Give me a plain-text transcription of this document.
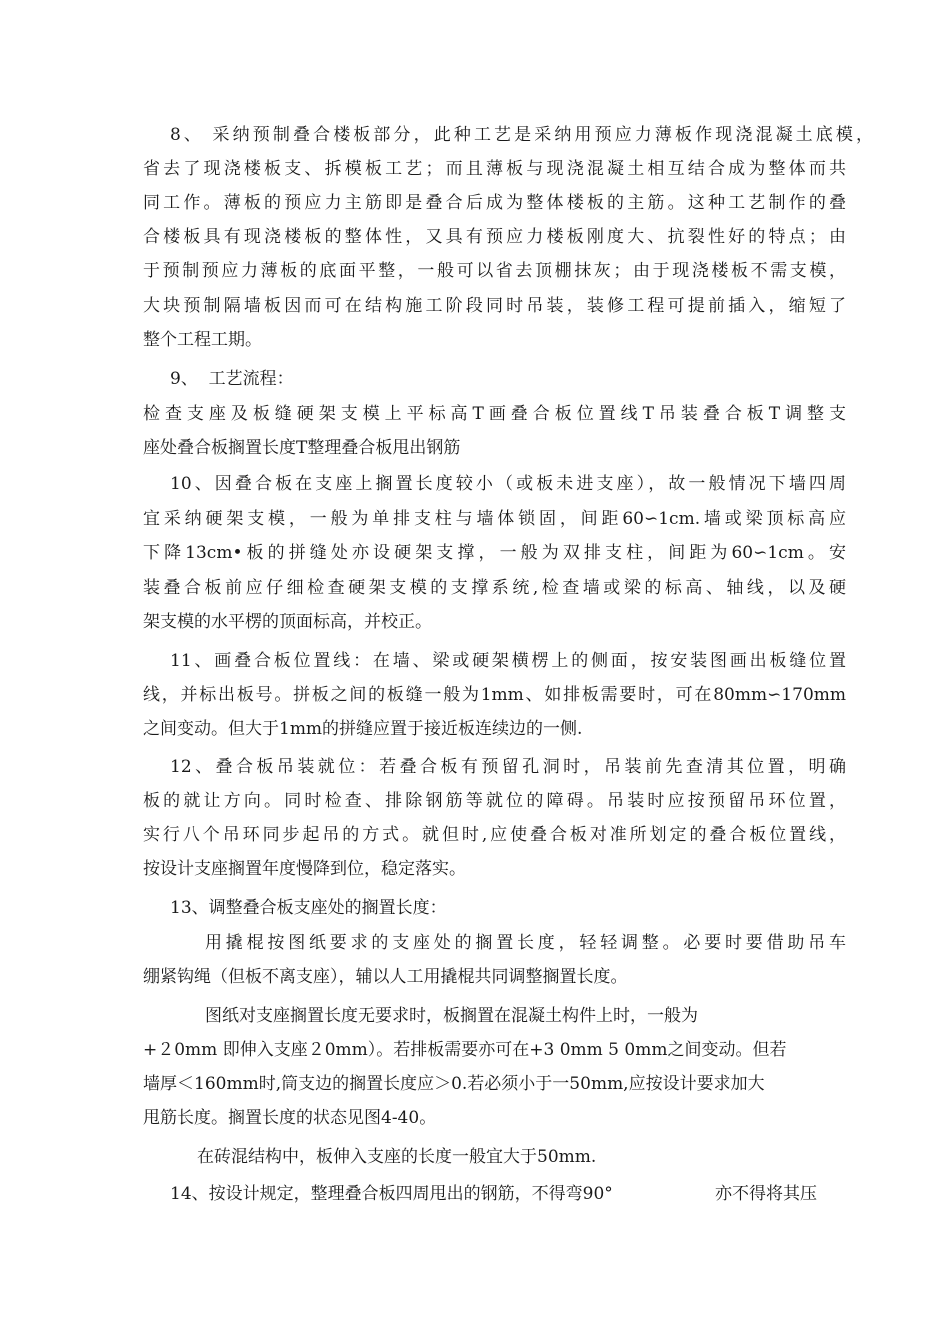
8、 采纳预制叠合楼板部分，此种工艺是采纳用预应力薄板作现浇混凝土底模，
省去了现浇楼板支、拆模板工艺；而且薄板与现浇混凝土相互结合成为整体而共
同工作。薄板的预应力主筋即是叠合后成为整体楼板的主筋。这种工艺制作的叠
合楼板具有现浇楼板的整体性，又具有预应力楼板刚度大、抗裂性好的特点；由
于预制预应力薄板的底面平整，一般可以省去顶棚抹灰；由于现浇楼板不需支模，
大块预制隔墙板因而可在结构施工阶段同时吊装，装修工程可提前插入，缩短了
整个工程工期。
9、  工艺流程：
检查支座及板缝硬架支模上平标高T画叠合板位置线T吊装叠合板T调整支
座处叠合板搁置长度T整理叠合板甩出钢筋
10、因叠合板在支座上搁置长度较小（或板未进支座），故一般情况下墙四周
宜采纳硬架支模，一般为单排支柱与墙体锁固，间距60∽1cm.墙或梁顶标高应
下降13cm•板的拼缝处亦设硬架支撑，一般为双排支柱，间距为60∽1cm。安
装叠合板前应仔细检查硬架支模的支撑系统,检查墙或梁的标高、轴线，以及硬
架支模的水平楞的顶面标高，并校正。
11、画叠合板位置线：在墙、梁或硬架横楞上的侧面，按安装图画出板缝位置
线，并标出板号。拼板之间的板缝一般为1mm、如排板需要时，可在80mm∽170mm
之间变动。但大于1mm的拼缝应置于接近板连续边的一侧.
12、叠合板吊装就位：若叠合板有预留孔洞时，吊装前先查清其位置，明确
板的就让方向。同时检查、排除钢筋等就位的障碍。吊装时应按预留吊环位置，
实行八个吊环同步起吊的方式。就但时,应使叠合板对准所划定的叠合板位置线，
按设计支座搁置年度慢降到位，稳定落实。
13、调整叠合板支座处的搁置长度：
用撬棍按图纸要求的支座处的搁置长度，轻轻调整。必要时要借助吊车
绷紧钩绳（但板不离支座），辅以人工用撬棍共同调整搁置长度。
图纸对支座搁置长度无要求时，板搁置在混凝土构件上时，一般为
+２0mm 即伸入支座２0mm）。若排板需要亦可在+3 0mm 5 0mm之间变动。但若
墙厚＜160mm时,筒支边的搁置长度应＞0.若必须小于一50mm,应按设计要求加大
甩筋长度。搁置长度的状态见图4-40。
在砖混结构中，板伸入支座的长度一般宜大于50mm.
14、按设计规定，整理叠合板四周甩出的钢筋，不得弯90°	亦不得将其压
